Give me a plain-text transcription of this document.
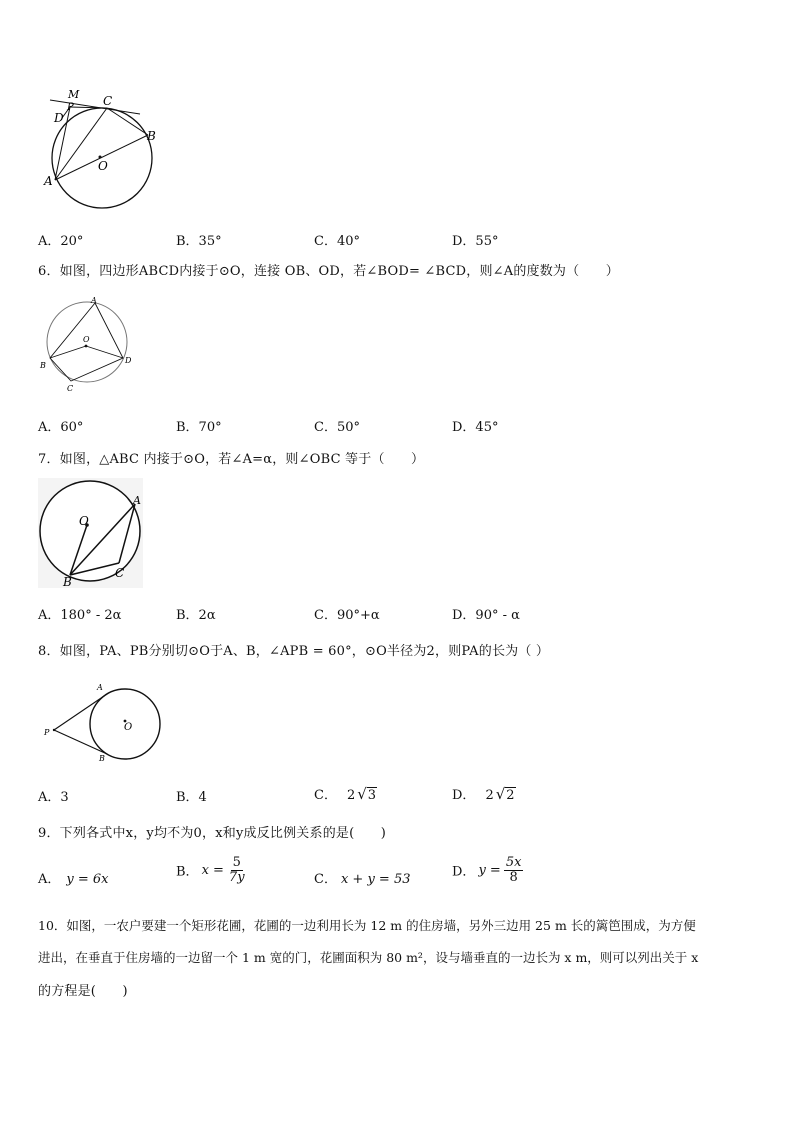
M
P C
D
B
O
A
A．20°	B．35°	C．40°	D．55°
6．如图，四边形ABCD内接于⊙O，连接 OB、OD，若∠BOD= ∠BCD，则∠A的度数为（　　）
A
O
B
C
D
A．60°	B．70°	C．50°	D．45°
7．如图，△ABC 内接于⊙O，若∠A=α，则∠OBC 等于（　　）
O
A
B
C
A．180° - 2α	B．2α	C．90°+α	D．90° - α
8．如图，PA、PB分别切⊙O于A、B，∠APB = 60°，⊙O半径为2，则PA的长为（ ）
A
P	O
B
A．3	B．4	C． 2 √3	D． 2 √2
9．下列各式中x，y均不为0，x和y成反比例关系的是(　　)
A． y = 6x	B． $x = \frac{5}{7y}$	C． x + y = 53	D． $y = \frac{5x}{8}$
10．如图，一农户要建一个矩形花圃，花圃的一边利用长为 12 m 的住房墙，另外三边用 25 m 长的篱笆围成，为方便
进出，在垂直于住房墙的一边留一个 1 m 宽的门，花圃面积为 80 m²，设与墙垂直的一边长为 x m，则可以列出关于 x
的方程是(　　)
